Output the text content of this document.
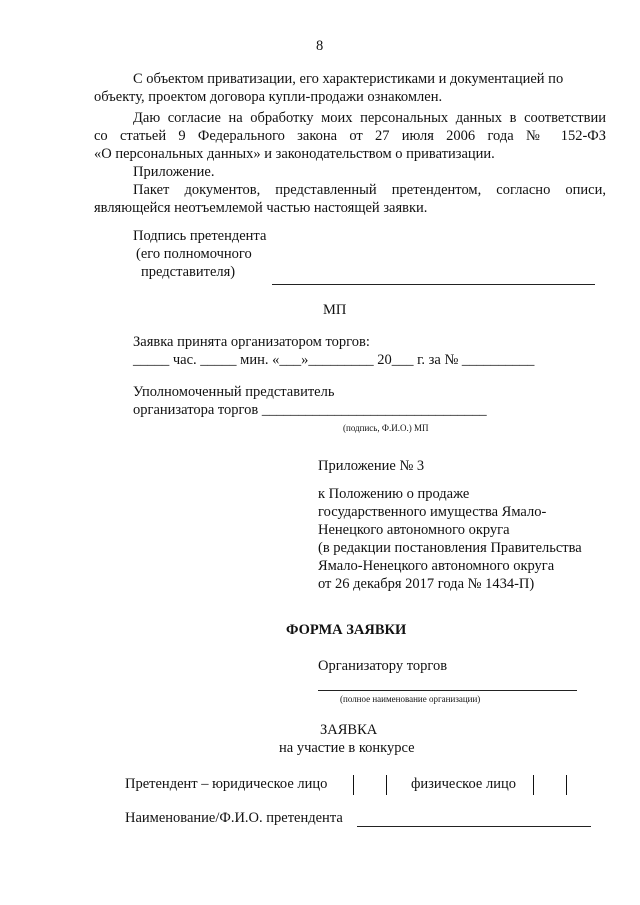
8
С объектом приватизации, его характеристиками и документацией по
объекту, проектом договора купли-продажи ознакомлен.
Даю согласие на обработку моих персональных данных в соответствии
со статьей 9 Федерального закона от 27 июля 2006 года № 152-ФЗ
«О персональных данных» и законодательством о приватизации.
Приложение.
Пакет документов, представленный претендентом, согласно описи,
являющейся неотъемлемой частью настоящей заявки.
Подпись претендента
(его полномочного
представителя)
МП
Заявка принята организатором торгов:
_____ час. _____ мин. «___»_________ 20___ г. за № __________
Уполномоченный представитель
организатора торгов _______________________________
(подпись, Ф.И.О.) МП
Приложение № 3
к Положению о продаже
государственного имущества Ямало-
Ненецкого автономного округа
(в редакции постановления Правительства
Ямало-Ненецкого автономного округа
от 26 декабря 2017 года № 1434-П)
ФОРМА ЗАЯВКИ
Организатору торгов
(полное наименование организации)
ЗАЯВКА
на участие в конкурсе
Претендент – юридическое лицо	физическое лицо
Наименование/Ф.И.О. претендента
